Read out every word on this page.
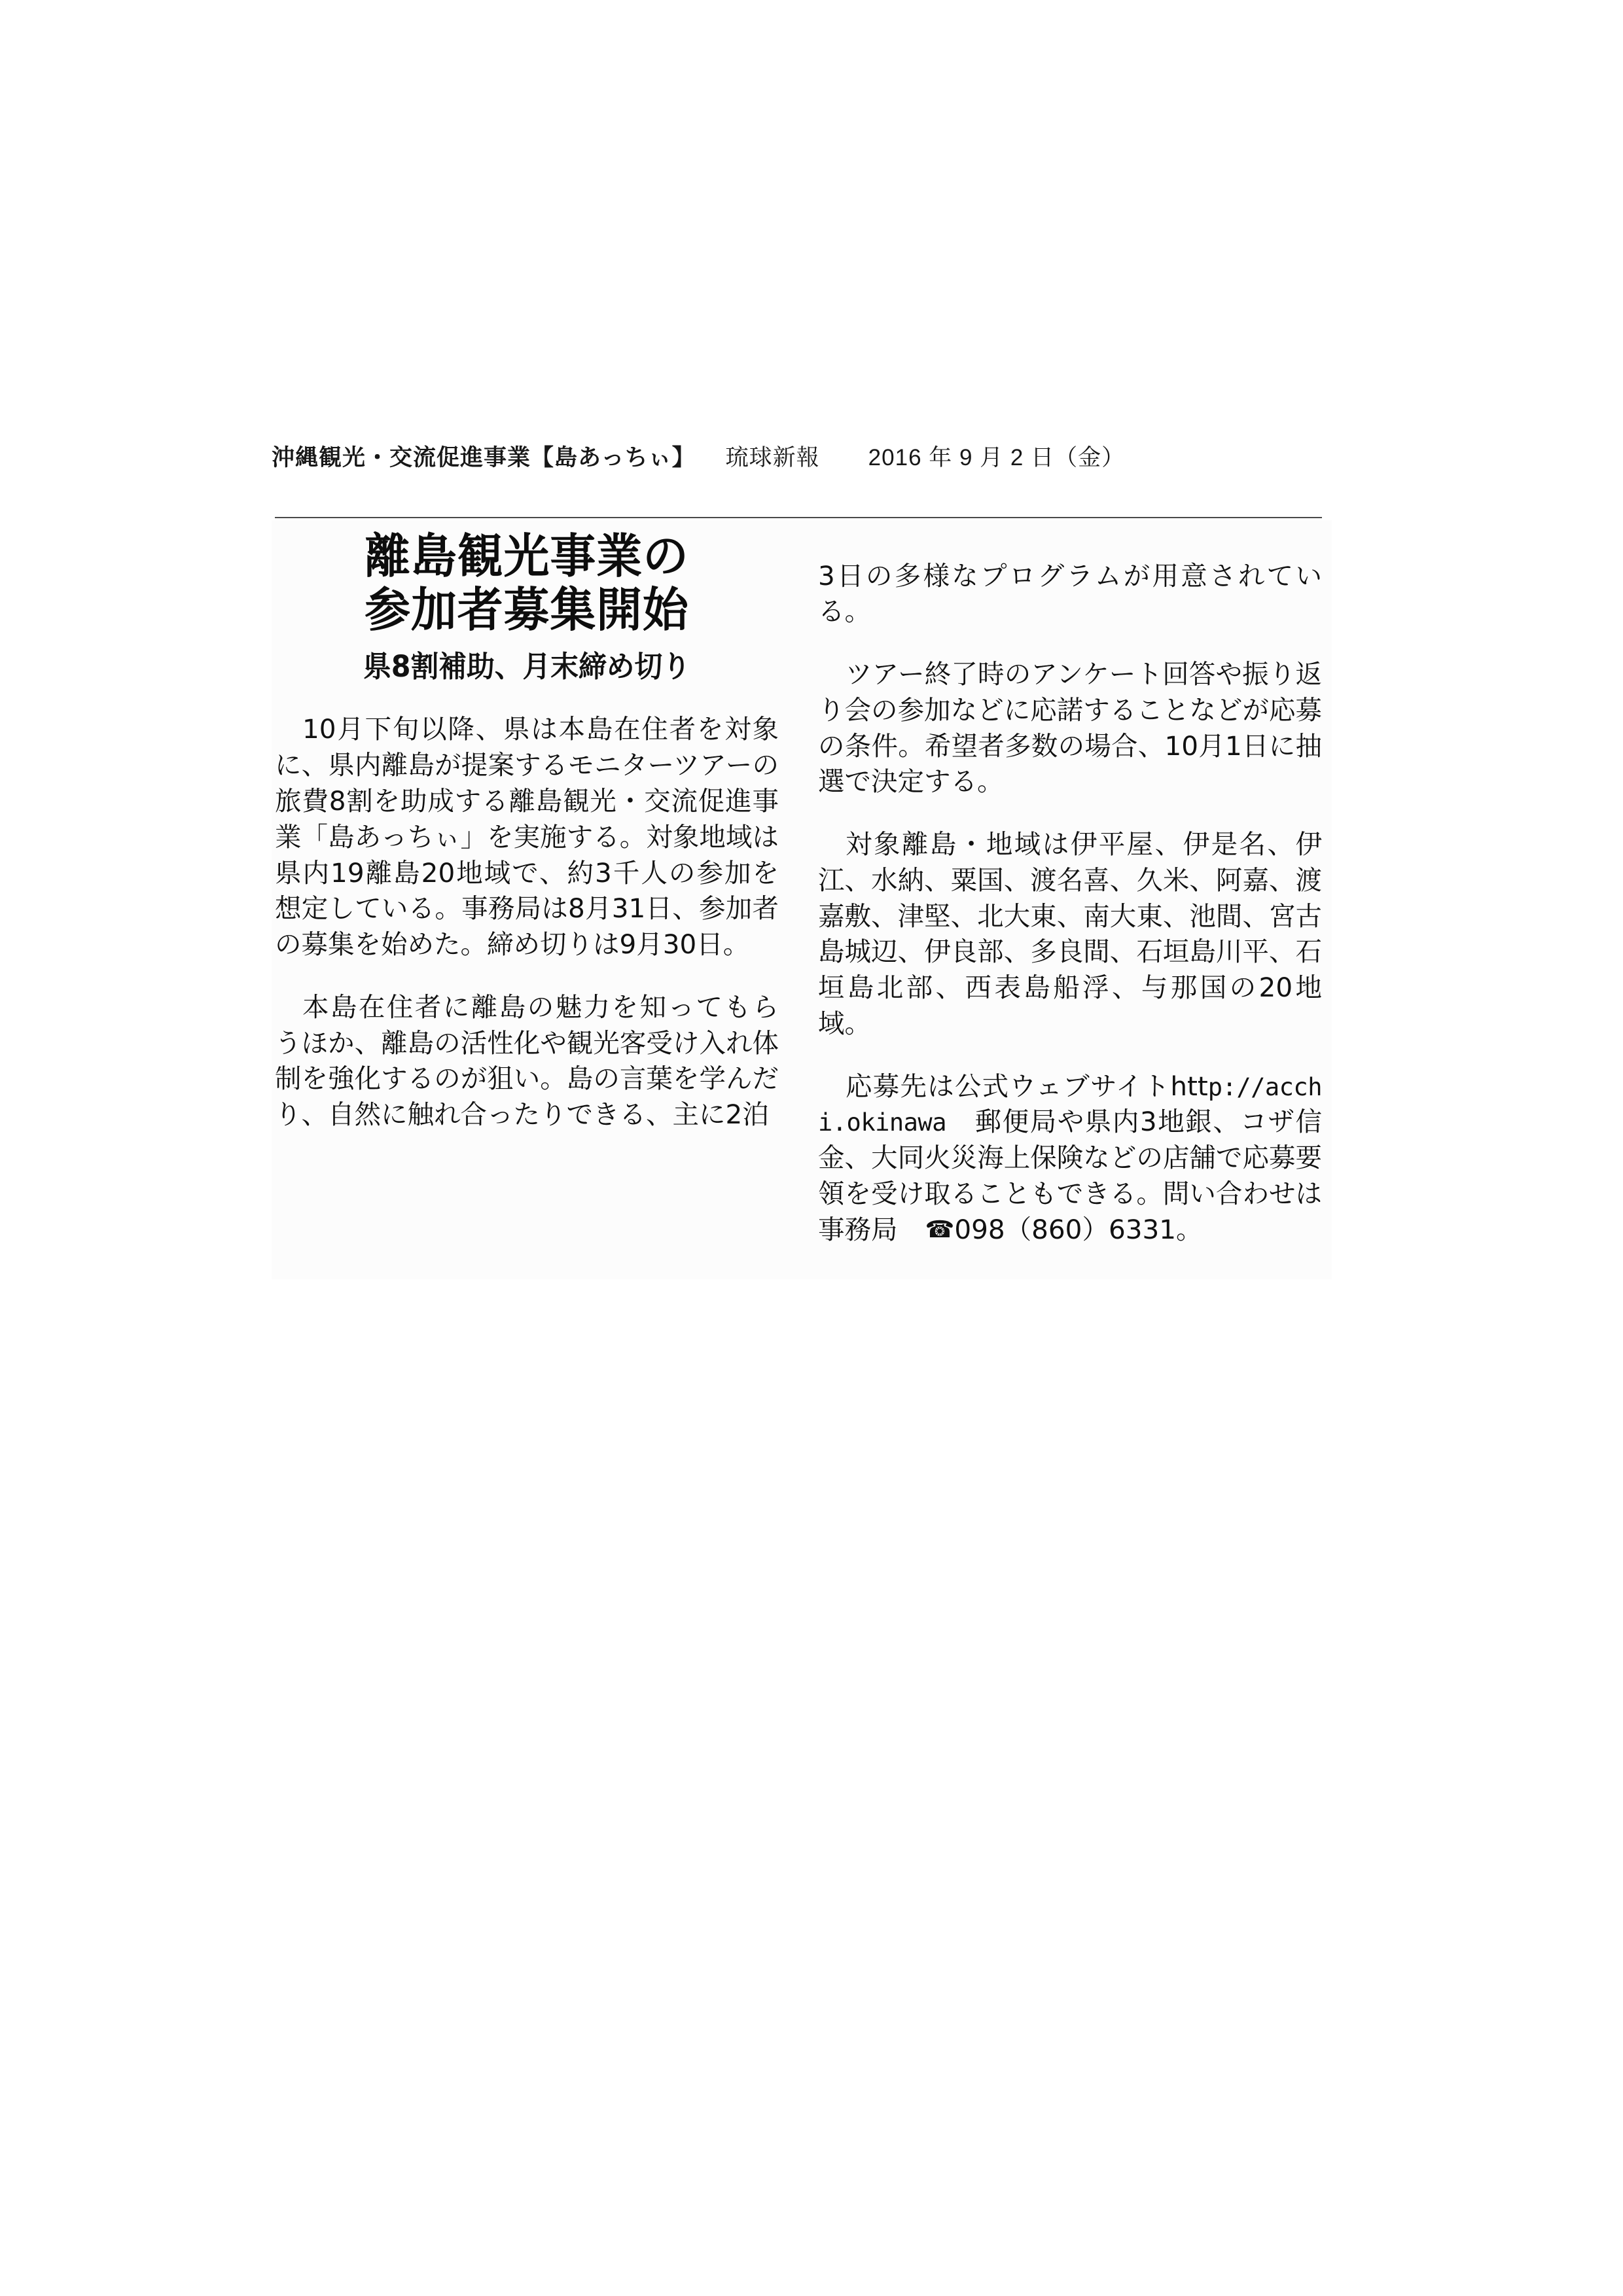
沖縄観光・交流促進事業【島あっちぃ】 琉球新報 2016 年 9 月 2 日（金）
離島観光事業の
参加者募集開始
県8割補助、月末締め切り

10月下旬以降、県は本島在住者を対象に、県内離島が提案するモニターツアーの旅費8割を助成する離島観光・交流促進事業「島あっちぃ」を実施する。対象地域は県内19離島20地域で、約3千人の参加を想定している。事務局は8月31日、参加者の募集を始めた。締め切りは9月30日。

本島在住者に離島の魅力を知ってもらうほか、離島の活性化や観光客受け入れ体制を強化するのが狙い。島の言葉を学んだり、自然に触れ合ったりできる、主に2泊

3日の多様なプログラムが用意されている。

ツアー終了時のアンケート回答や振り返り会の参加などに応諾することなどが応募の条件。希望者多数の場合、10月1日に抽選で決定する。

対象離島・地域は伊平屋、伊是名、伊江、水納、粟国、渡名喜、久米、阿嘉、渡嘉敷、津堅、北大東、南大東、池間、宮古島城辺、伊良部、多良間、石垣島川平、石垣島北部、西表島船浮、与那国の20地域。

応募先は公式ウェブサイトhttp://acchi.okinawa　郵便局や県内3地銀、コザ信金、大同火災海上保険などの店舗で応募要領を受け取ることもできる。問い合わせは事務局 ☎098（860）6331。
